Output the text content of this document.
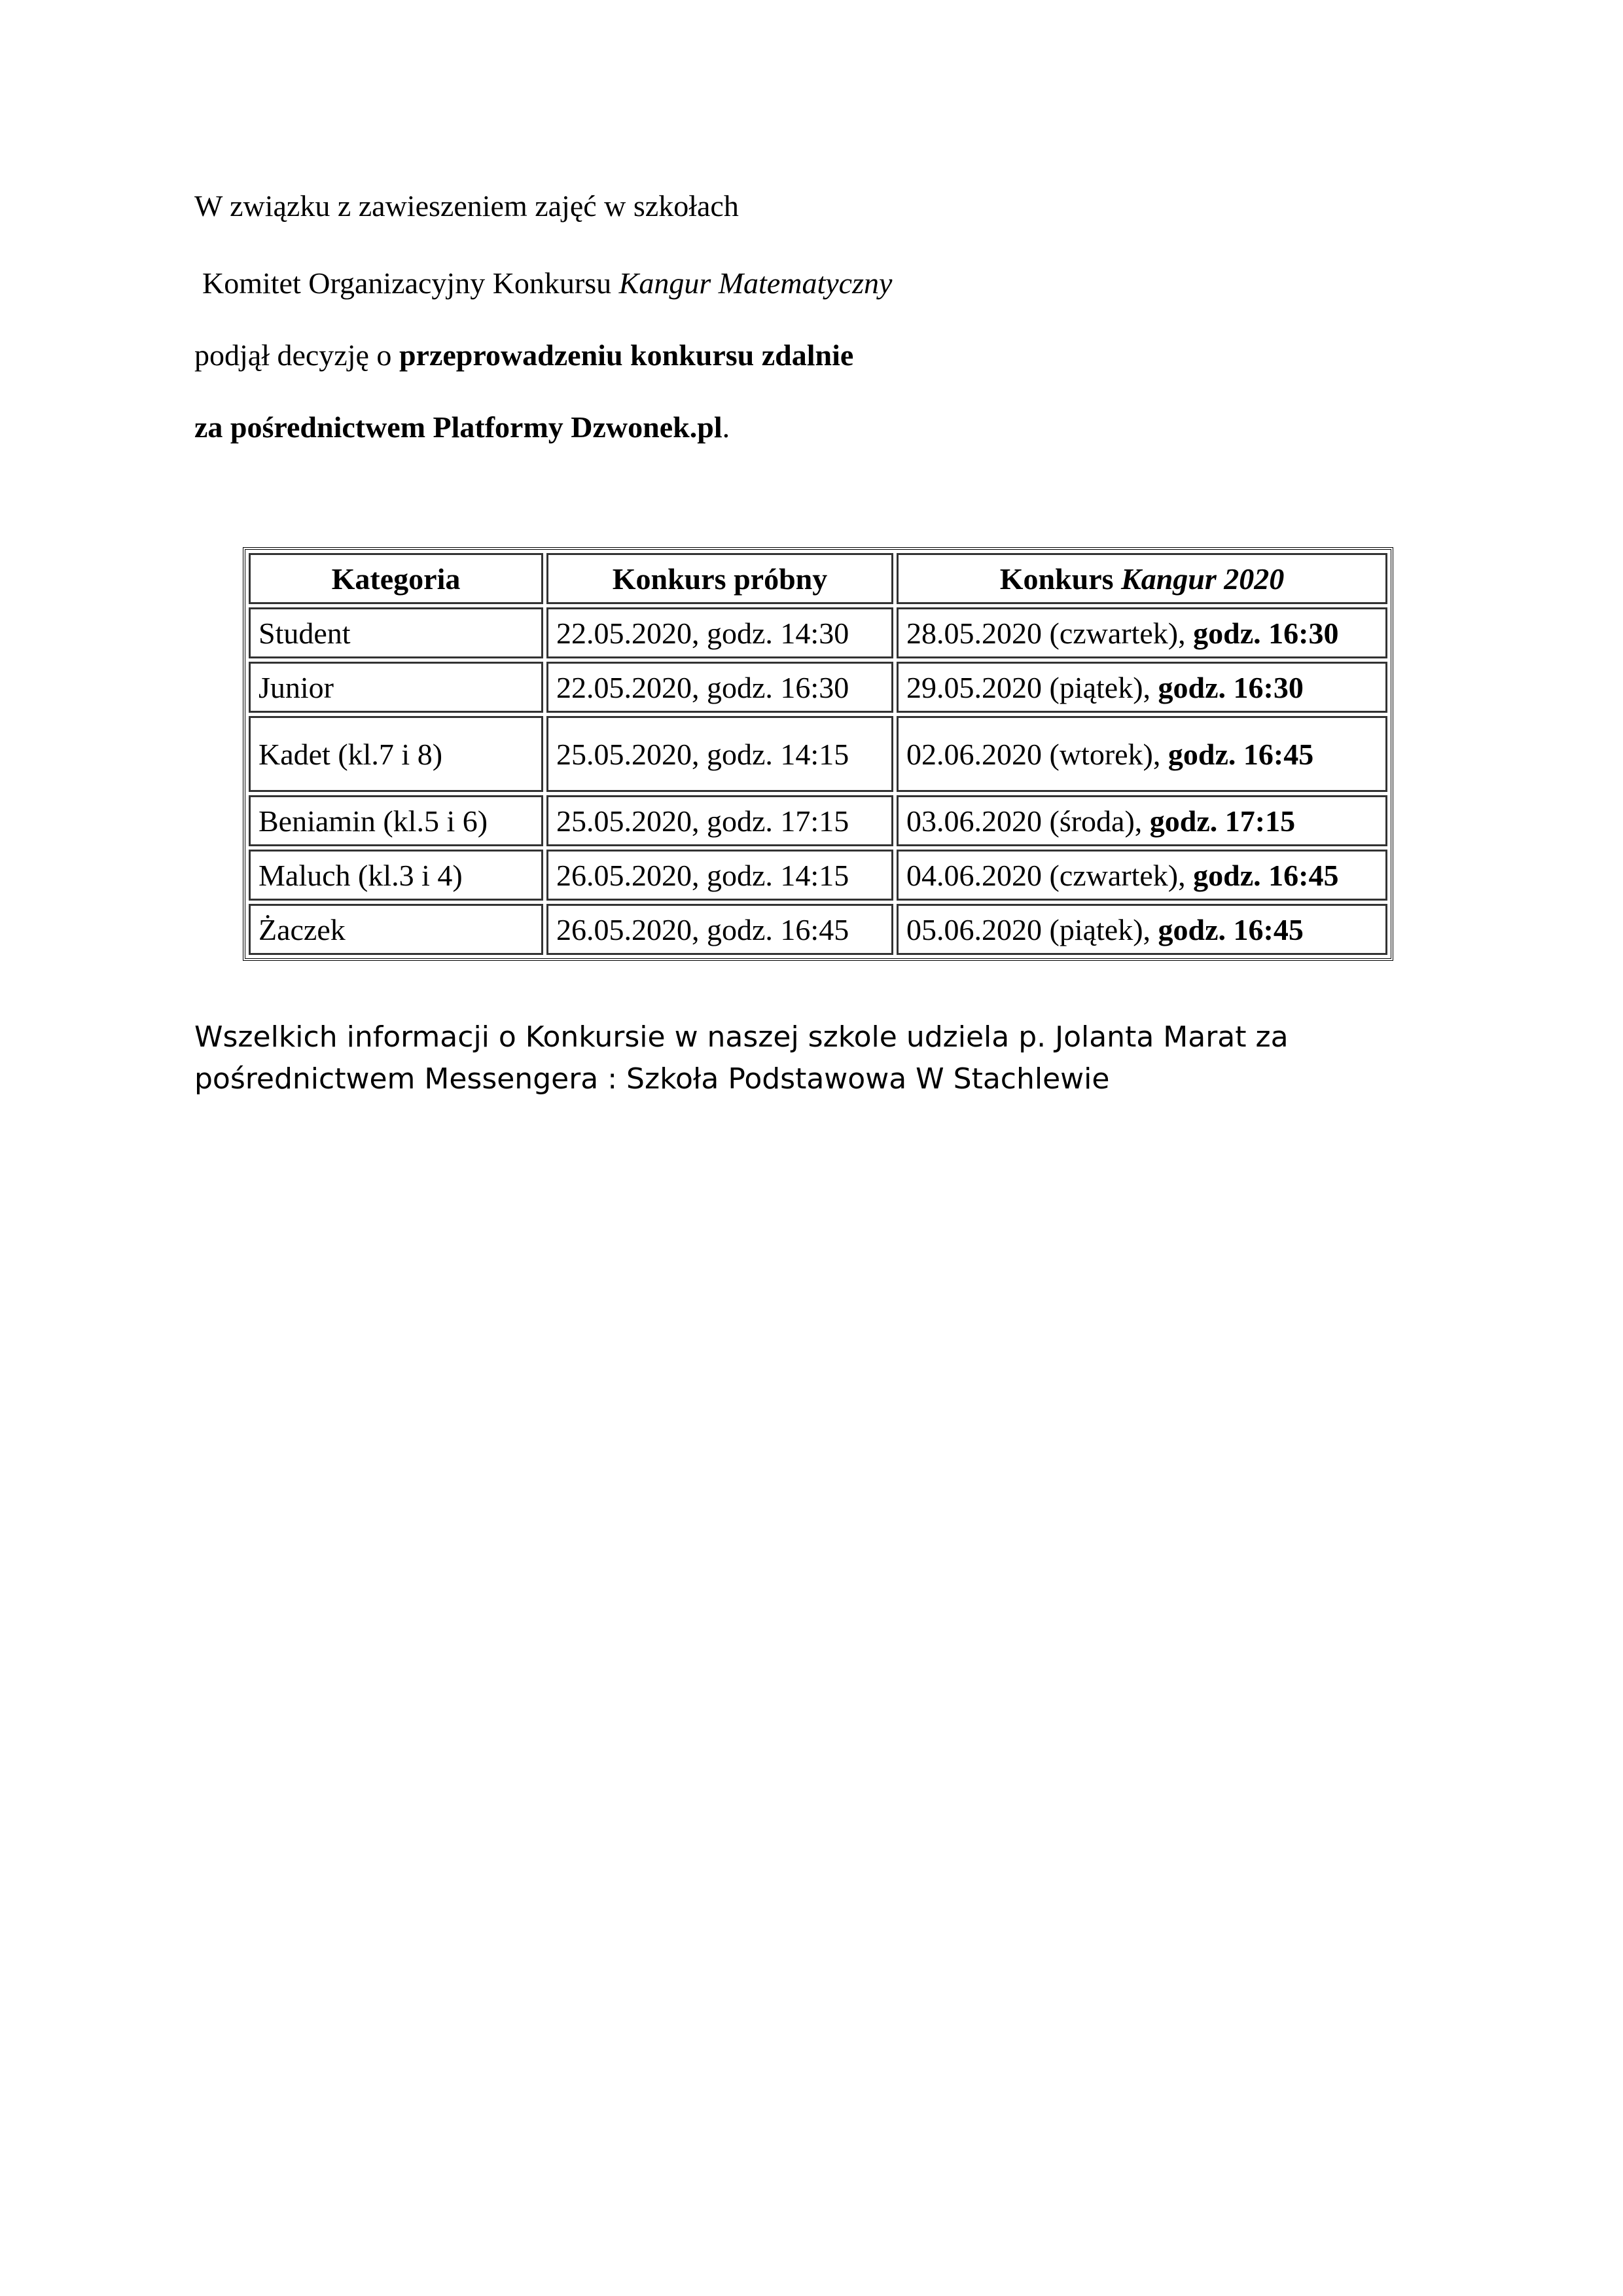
W związku z zawieszeniem zajęć w szkołach

Komitet Organizacyjny Konkursu Kangur Matematyczny

podjął decyzję o przeprowadzeniu konkursu zdalnie

za pośrednictwem Platformy Dzwonek.pl.

Kategoria	Konkurs próbny	Konkurs Kangur 2020
Student	22.05.2020, godz. 14:30	28.05.2020 (czwartek), godz. 16:30
Junior	22.05.2020, godz. 16:30	29.05.2020 (piątek), godz. 16:30
Kadet (kl.7 i 8)	25.05.2020, godz. 14:15	02.06.2020 (wtorek), godz. 16:45
Beniamin (kl.5 i 6)	25.05.2020, godz. 17:15	03.06.2020 (środa), godz. 17:15
Maluch (kl.3 i 4)	26.05.2020, godz. 14:15	04.06.2020 (czwartek), godz. 16:45
Żaczek	26.05.2020, godz. 16:45	05.06.2020 (piątek), godz. 16:45

Wszelkich informacji o Konkursie w naszej szkole udziela p. Jolanta Marat za

pośrednictwem Messengera : Szkoła Podstawowa W Stachlewie
